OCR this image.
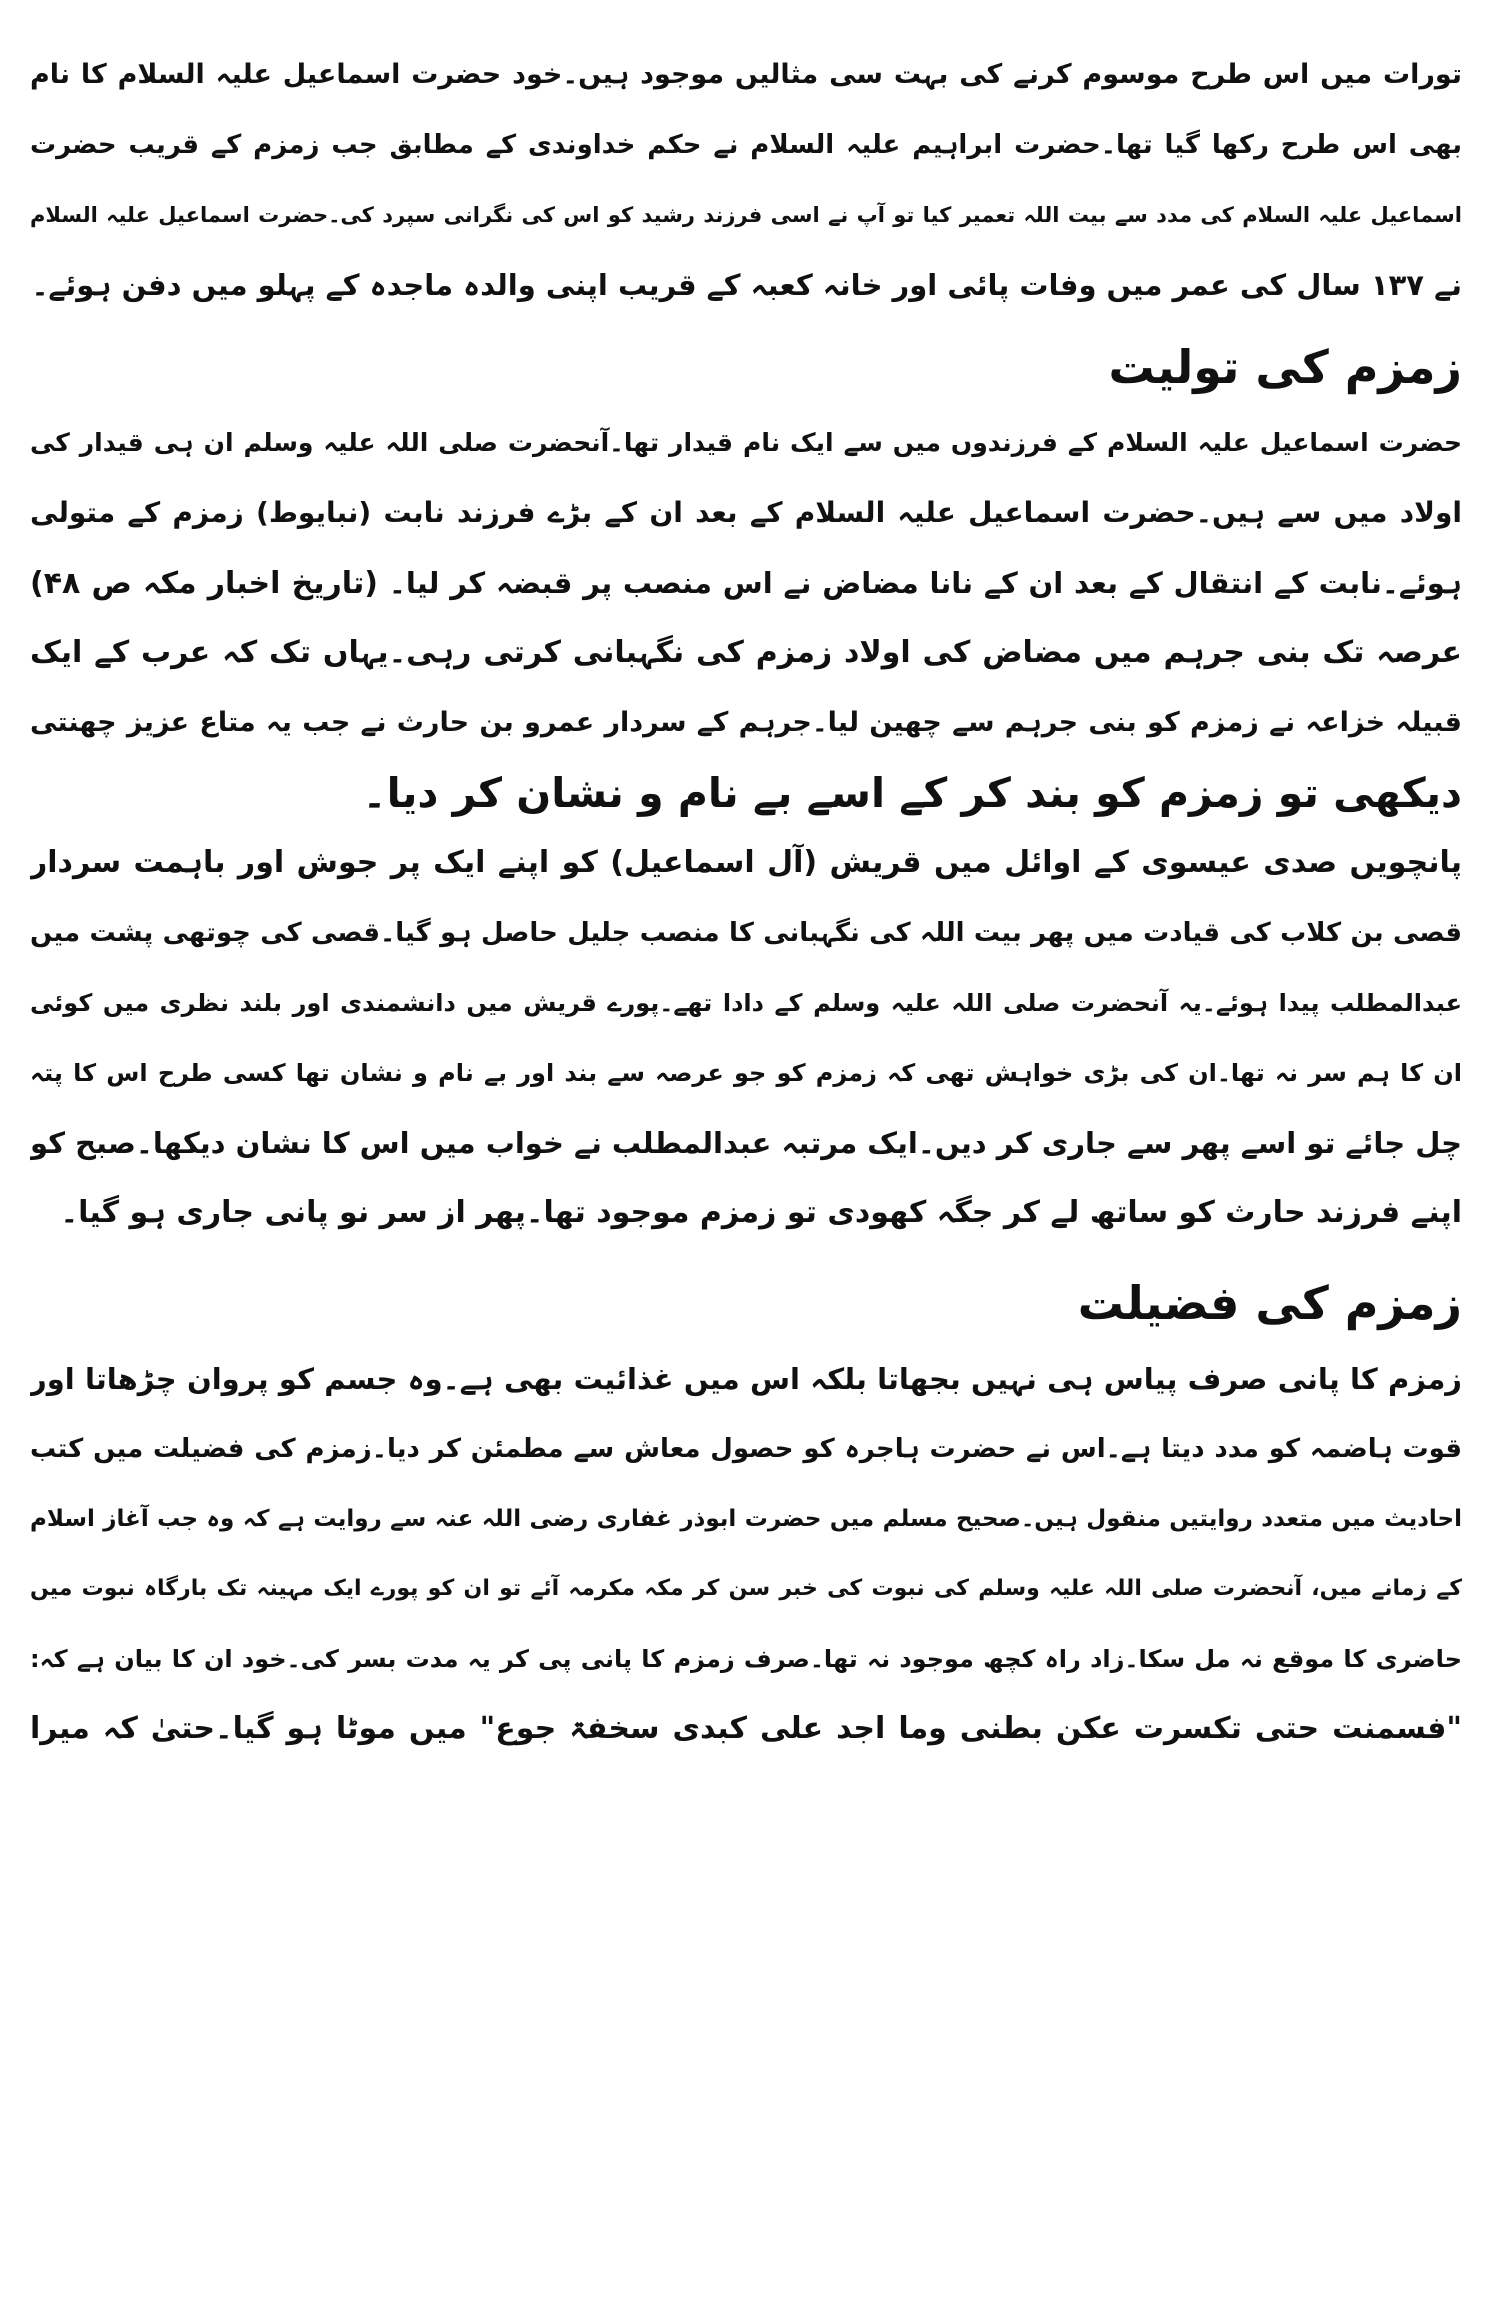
تورات میں اس طرح موسوم کرنے کی بہت سی مثالیں موجود ہیں۔خود حضرت اسماعیل علیہ السلام کا نام
بھی اس طرح رکھا گیا تھا۔حضرت ابراہیم علیہ السلام نے حکم خداوندی کے مطابق جب زمزم کے قریب حضرت
اسماعیل علیہ السلام کی مدد سے بیت اللہ تعمیر کیا تو آپ نے اسی فرزند رشید کو اس کی نگرانی سپرد کی۔حضرت اسماعیل علیہ السلام
نے ۱۳۷ سال کی عمر میں وفات پائی اور خانہ کعبہ کے قریب اپنی والدہ ماجدہ کے پہلو میں دفن ہوئے۔
زمزم کی تولیت
حضرت اسماعیل علیہ السلام کے فرزندوں میں سے ایک نام قیدار تھا۔آنحضرت صلی اللہ علیہ وسلم ان ہی قیدار کی
اولاد میں سے ہیں۔حضرت اسماعیل علیہ السلام کے بعد ان کے بڑے فرزند نابت (نبایوط) زمزم کے متولی
ہوئے۔نابت کے انتقال کے بعد ان کے نانا مضاض نے اس منصب پر قبضہ کر لیا۔ (تاریخ اخبار مکہ ص ۴۸)
عرصہ تک بنی جرہم میں مضاض کی اولاد زمزم کی نگہبانی کرتی رہی۔یہاں تک کہ عرب کے ایک
قبیلہ خزاعہ نے زمزم کو بنی جرہم سے چھین لیا۔جرہم کے سردار عمرو بن حارث نے جب یہ متاع عزیز چھنتی
دیکھی تو زمزم کو بند کر کے اسے بے نام و نشان کر دیا۔
پانچویں صدی عیسوی کے اوائل میں قریش (آل اسماعیل) کو اپنے ایک پر جوش اور باہمت سردار
قصی بن کلاب کی قیادت میں پھر بیت اللہ کی نگہبانی کا منصب جلیل حاصل ہو گیا۔قصی کی چوتھی پشت میں
عبدالمطلب پیدا ہوئے۔یہ آنحضرت صلی اللہ علیہ وسلم کے دادا تھے۔پورے قریش میں دانشمندی اور بلند نظری میں کوئی
ان کا ہم سر نہ تھا۔ان کی بڑی خواہش تھی کہ زمزم کو جو عرصہ سے بند اور بے نام و نشان تھا کسی طرح اس کا پتہ
چل جائے تو اسے پھر سے جاری کر دیں۔ایک مرتبہ عبدالمطلب نے خواب میں اس کا نشان دیکھا۔صبح کو
اپنے فرزند حارث کو ساتھ لے کر جگہ کھودی تو زمزم موجود تھا۔پھر از سر نو پانی جاری ہو گیا۔
زمزم کی فضیلت
زمزم کا پانی صرف پیاس ہی نہیں بجھاتا بلکہ اس میں غذائیت بھی ہے۔وہ جسم کو پروان چڑھاتا اور
قوت ہاضمہ کو مدد دیتا ہے۔اس نے حضرت ہاجرہ کو حصول معاش سے مطمئن کر دیا۔زمزم کی فضیلت میں کتب
احادیث میں متعدد روایتیں منقول ہیں۔صحیح مسلم میں حضرت ابوذر غفاری رضی اللہ عنہ سے روایت ہے کہ وہ جب آغاز اسلام
کے زمانے میں، آنحضرت صلی اللہ علیہ وسلم کی نبوت کی خبر سن کر مکہ مکرمہ آئے تو ان کو پورے ایک مہینہ تک بارگاہ نبوت میں
حاضری کا موقع نہ مل سکا۔زاد راہ کچھ موجود نہ تھا۔صرف زمزم کا پانی پی کر یہ مدت بسر کی۔خود ان کا بیان ہے کہ:
"فسمنت حتی تکسرت عکن بطنی وما اجد علی کبدی سخفۃ جوع" میں موٹا ہو گیا۔حتیٰ کہ میرا
